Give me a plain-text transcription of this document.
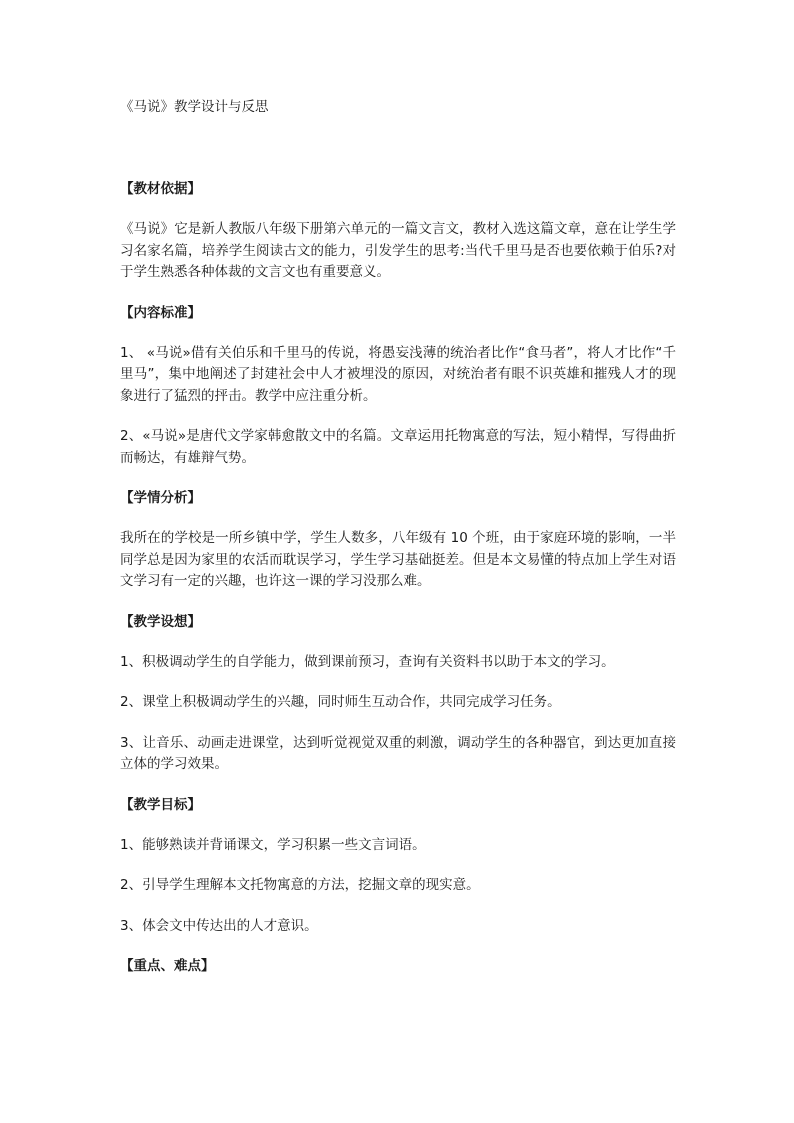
《马说》教学设计与反思
【教材依据】

《马说》它是新人教版八年级下册第六单元的一篇文言文，教材入选这篇文章，意在让学生学习名家名篇，培养学生阅读古文的能力，引发学生的思考:当代千里马是否也要依赖于伯乐?对于学生熟悉各种体裁的文言文也有重要意义。

【内容标准】

1、 «马说»借有关伯乐和千里马的传说，将愚妄浅薄的统治者比作“食马者”，将人才比作“千里马”，集中地阐述了封建社会中人才被埋没的原因，对统治者有眼不识英雄和摧残人才的现象进行了猛烈的抨击。教学中应注重分析。

2、«马说»是唐代文学家韩愈散文中的名篇。文章运用托物寓意的写法，短小精悍，写得曲折而畅达，有雄辩气势。

【学情分析】

我所在的学校是一所乡镇中学，学生人数多，八年级有 10 个班，由于家庭环境的影响，一半同学总是因为家里的农活而耽误学习，学生学习基础挺差。但是本文易懂的特点加上学生对语文学习有一定的兴趣，也许这一课的学习没那么难。

【教学设想】

1、积极调动学生的自学能力，做到课前预习，查询有关资料书以助于本文的学习。

2、课堂上积极调动学生的兴趣，同时师生互动合作，共同完成学习任务。

3、让音乐、动画走进课堂，达到听觉视觉双重的刺激，调动学生的各种器官，到达更加直接立体的学习效果。

【教学目标】

1、能够熟读并背诵课文，学习积累一些文言词语。

2、引导学生理解本文托物寓意的方法，挖掘文章的现实意。

3、体会文中传达出的人才意识。

【重点、难点】
